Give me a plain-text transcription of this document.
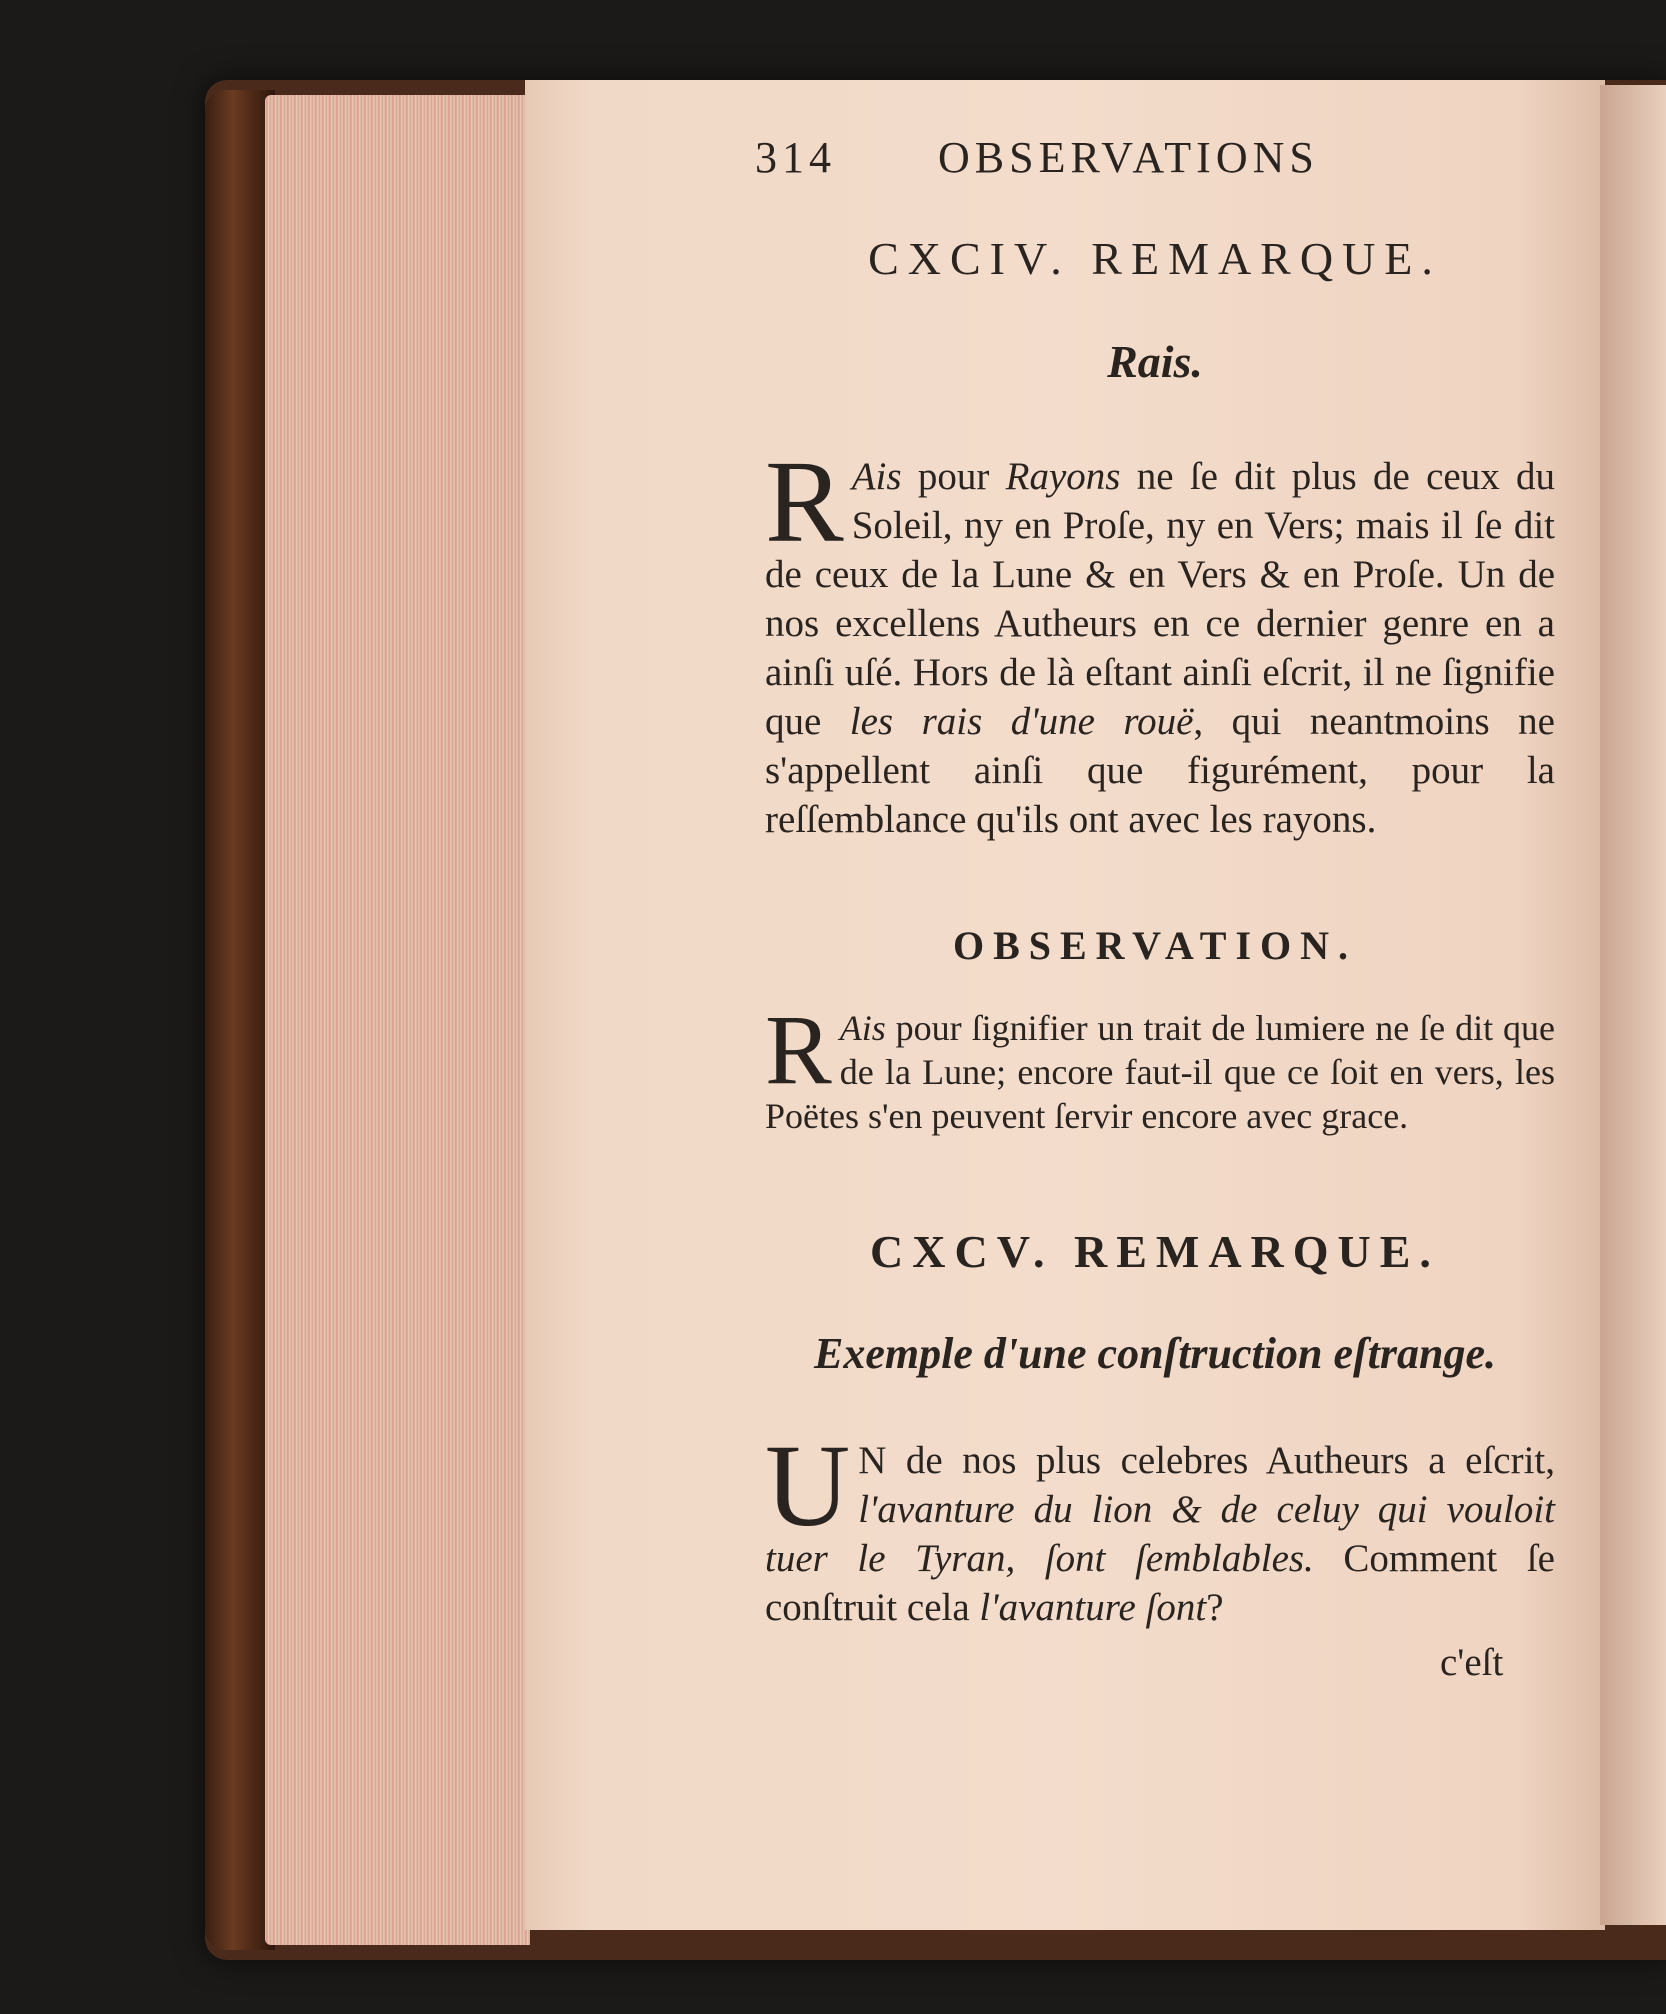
314 OBSERVATIONS
CXCIV. REMARQUE.
Rais.
R Ais pour Rayons ne ſe dit plus de ceux du Soleil, ny en Proſe, ny en Vers; mais il ſe dit de ceux de la Lune & en Vers & en Proſe. Un de nos excellens Autheurs en ce dernier genre en a ainſi uſé. Hors de là eſtant ainſi eſcrit, il ne ſignifie que les rais d'une rouë, qui neantmoins ne s'appellent ainſi que figurément, pour la reſſemblance qu'ils ont avec les rayons.
OBSERVATION.
R Ais pour ſignifier un trait de lumiere ne ſe dit que de la Lune; encore faut-il que ce ſoit en vers, les Poëtes s'en peuvent ſervir encore avec grace.
CXCV. REMARQUE.
Exemple d'une conſtruction eſtrange.
U N de nos plus celebres Autheurs a eſcrit, l'avanture du lion & de celuy qui vouloit tuer le Tyran, ſont ſemblables. Comment ſe conſtruit cela l'avanture ſont?
c'eſt
